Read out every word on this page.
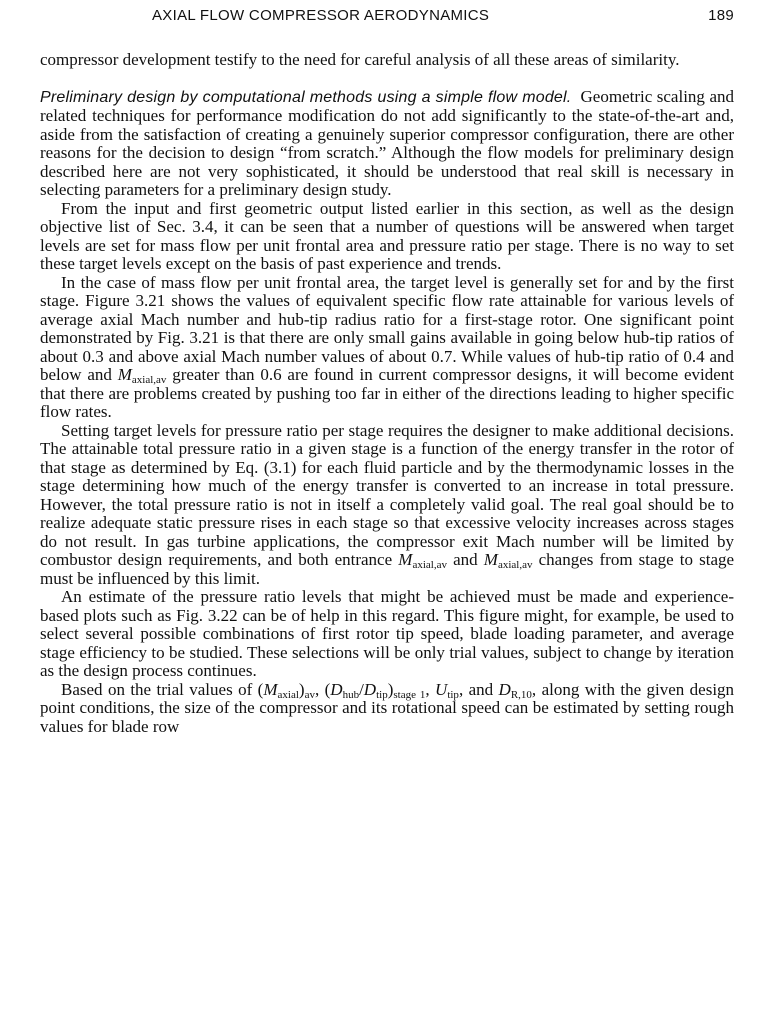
AXIAL FLOW COMPRESSOR AERODYNAMICS	189

compressor development testify to the need for careful analysis of all these areas of similarity.

Preliminary design by computational methods using a simple flow model. Geometric scaling and related techniques for performance modification do not add significantly to the state-of-the-art and, aside from the satisfaction of creating a genuinely superior compressor configuration, there are other reasons for the decision to design “from scratch.” Although the flow models for preliminary design described here are not very sophisticated, it should be understood that real skill is necessary in selecting parameters for a preliminary design study.

From the input and first geometric output listed earlier in this section, as well as the design objective list of Sec. 3.4, it can be seen that a number of questions will be answered when target levels are set for mass flow per unit frontal area and pressure ratio per stage. There is no way to set these target levels except on the basis of past experience and trends.

In the case of mass flow per unit frontal area, the target level is generally set for and by the first stage. Figure 3.21 shows the values of equivalent specific flow rate attainable for various levels of average axial Mach number and hub-tip radius ratio for a first-stage rotor. One significant point demonstrated by Fig. 3.21 is that there are only small gains available in going below hub-tip ratios of about 0.3 and above axial Mach number values of about 0.7. While values of hub-tip ratio of 0.4 and below and $M_{axial,av}$ greater than 0.6 are found in current compressor designs, it will become evident that there are problems created by pushing too far in either of the directions leading to higher specific flow rates.

Setting target levels for pressure ratio per stage requires the designer to make additional decisions. The attainable total pressure ratio in a given stage is a function of the energy transfer in the rotor of that stage as determined by Eq. (3.1) for each fluid particle and by the thermodynamic losses in the stage determining how much of the energy transfer is converted to an increase in total pressure. However, the total pressure ratio is not in itself a completely valid goal. The real goal should be to realize adequate static pressure rises in each stage so that excessive velocity increases across stages do not result. In gas turbine applications, the compressor exit Mach number will be limited by combustor design requirements, and both entrance $M_{axial,av}$ and $M_{axial,av}$ changes from stage to stage must be influenced by this limit.

An estimate of the pressure ratio levels that might be achieved must be made and experience-based plots such as Fig. 3.22 can be of help in this regard. This figure might, for example, be used to select several possible combinations of first rotor tip speed, blade loading parameter, and average stage efficiency to be studied. These selections will be only trial values, subject to change by iteration as the design process continues.

Based on the trial values of $(M_{axial})_{av}$, $(D_{hub}/D_{tip})_{stage 1}$, $U_{tip}$, and $D_{R,10}$, along with the given design point conditions, the size of the compressor and its rotational speed can be estimated by setting rough values for blade row
